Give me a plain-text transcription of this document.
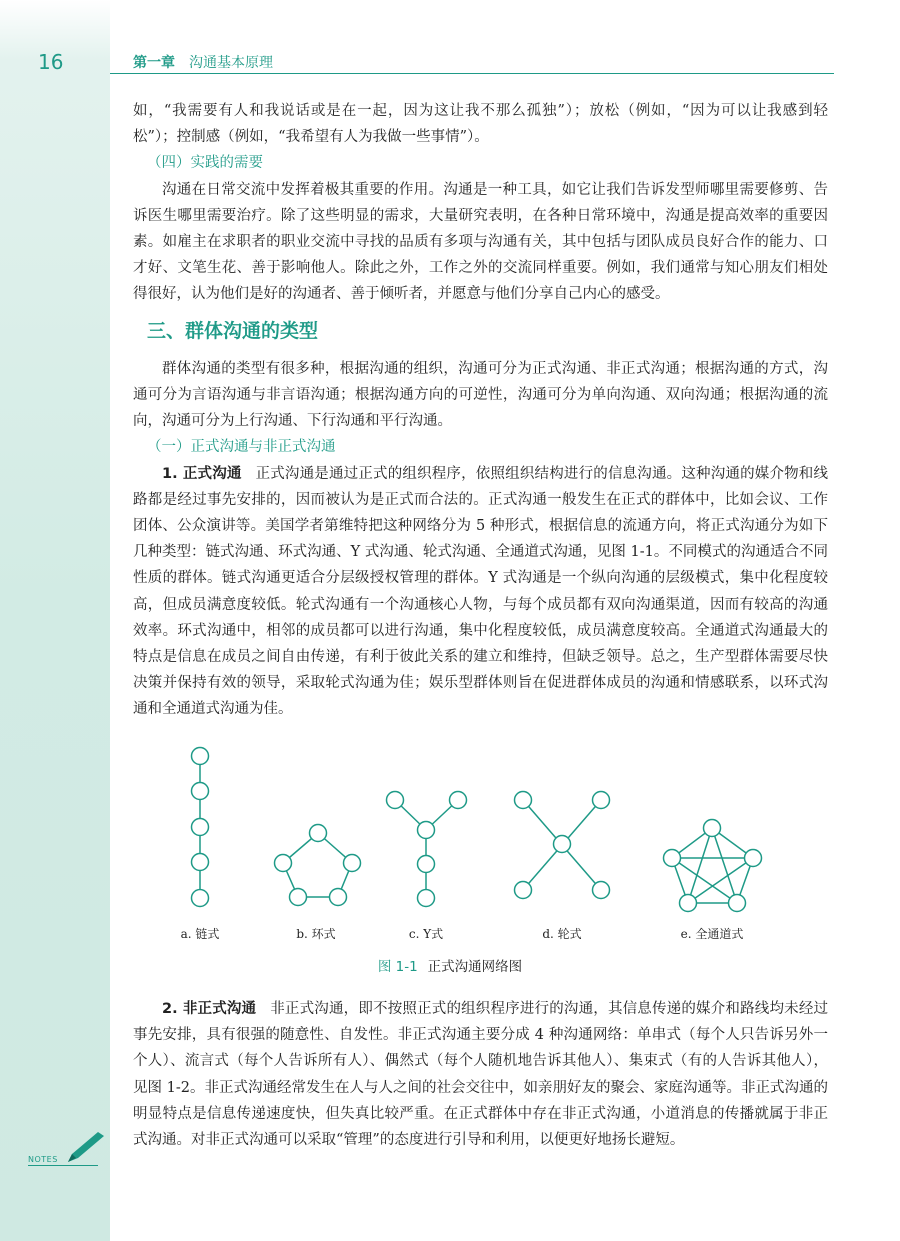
16	第一章 沟通基本原理

如，“我需要有人和我说话或是在一起，因为这让我不那么孤独”）；放松（例如，“因为可以让我感到轻松”）；控制感（例如，“我希望有人为我做一些事情”）。

（四）实践的需要

沟通在日常交流中发挥着极其重要的作用。沟通是一种工具，如它让我们告诉发型师哪里需要修剪、告诉医生哪里需要治疗。除了这些明显的需求，大量研究表明，在各种日常环境中，沟通是提高效率的重要因素。如雇主在求职者的职业交流中寻找的品质有多项与沟通有关，其中包括与团队成员良好合作的能力、口才好、文笔生花、善于影响他人。除此之外，工作之外的交流同样重要。例如，我们通常与知心朋友们相处得很好，认为他们是好的沟通者、善于倾听者，并愿意与他们分享自己内心的感受。

三、群体沟通的类型

群体沟通的类型有很多种，根据沟通的组织，沟通可分为正式沟通、非正式沟通；根据沟通的方式，沟通可分为言语沟通与非言语沟通；根据沟通方向的可逆性，沟通可分为单向沟通、双向沟通；根据沟通的流向，沟通可分为上行沟通、下行沟通和平行沟通。

（一）正式沟通与非正式沟通

1. 正式沟通 正式沟通是通过正式的组织程序，依照组织结构进行的信息沟通。这种沟通的媒介物和线路都是经过事先安排的，因而被认为是正式而合法的。正式沟通一般发生在正式的群体中，比如会议、工作团体、公众演讲等。美国学者第维特把这种网络分为 5 种形式，根据信息的流通方向，将正式沟通分为如下几种类型：链式沟通、环式沟通、Y 式沟通、轮式沟通、全通道式沟通，见图 1-1。不同模式的沟通适合不同性质的群体。链式沟通更适合分层级授权管理的群体。Y 式沟通是一个纵向沟通的层级模式，集中化程度较高，但成员满意度较低。轮式沟通有一个沟通核心人物，与每个成员都有双向沟通渠道，因而有较高的沟通效率。环式沟通中，相邻的成员都可以进行沟通，集中化程度较低，成员满意度较高。全通道式沟通最大的特点是信息在成员之间自由传递，有利于彼此关系的建立和维持，但缺乏领导。总之，生产型群体需要尽快决策并保持有效的领导，采取轮式沟通为佳；娱乐型群体则旨在促进群体成员的沟通和情感联系，以环式沟通和全通道式沟通为佳。

a. 链式	b. 环式	c. Y式	d. 轮式	e. 全通道式
图 1-1 正式沟通网络图

2. 非正式沟通 非正式沟通，即不按照正式的组织程序进行的沟通，其信息传递的媒介和路线均未经过事先安排，具有很强的随意性、自发性。非正式沟通主要分成 4 种沟通网络：单串式（每个人只告诉另外一个人）、流言式（每个人告诉所有人）、偶然式（每个人随机地告诉其他人）、集束式（有的人告诉其他人），见图 1-2。非正式沟通经常发生在人与人之间的社会交往中，如亲朋好友的聚会、家庭沟通等。非正式沟通的明显特点是信息传递速度快，但失真比较严重。在正式群体中存在非正式沟通，小道消息的传播就属于非正式沟通。对非正式沟通可以采取“管理”的态度进行引导和利用，以便更好地扬长避短。

NOTES
